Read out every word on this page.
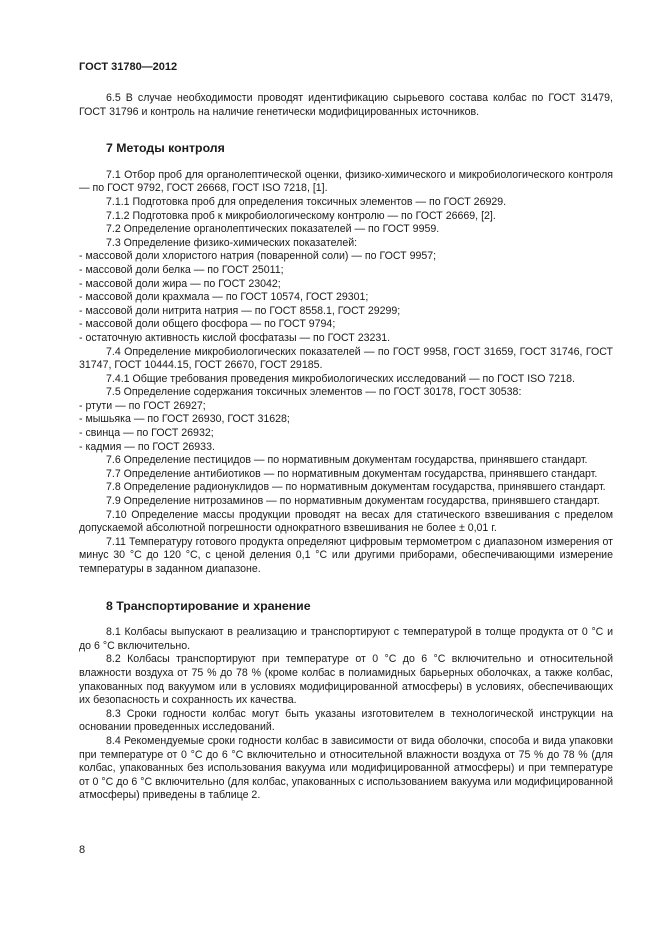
ГОСТ 31780—2012

6.5 В случае необходимости проводят идентификацию сырьевого состава колбас по ГОСТ 31479, ГОСТ 31796 и контроль на наличие генетически модифицированных источников.

7 Методы контроля

7.1 Отбор проб для органолептической оценки, физико-химического и микробиологического контроля — по ГОСТ 9792, ГОСТ 26668, ГОСТ ISO 7218, [1].

7.1.1 Подготовка проб для определения токсичных элементов — по ГОСТ 26929.

7.1.2 Подготовка проб к микробиологическому контролю — по ГОСТ 26669, [2].

7.2 Определение органолептических показателей — по ГОСТ 9959.

7.3 Определение физико-химических показателей:

- массовой доли хлористого натрия (поваренной соли) — по ГОСТ 9957;

- массовой доли белка — по ГОСТ 25011;

- массовой доли жира — по ГОСТ 23042;

- массовой доли крахмала — по ГОСТ 10574, ГОСТ 29301;

- массовой доли нитрита натрия — по ГОСТ 8558.1, ГОСТ 29299;

- массовой доли общего фосфора — по ГОСТ 9794;

- остаточную активность кислой фосфатазы — по ГОСТ 23231.

7.4 Определение микробиологических показателей — по ГОСТ 9958, ГОСТ 31659, ГОСТ 31746, ГОСТ 31747, ГОСТ 10444.15, ГОСТ 26670, ГОСТ 29185.

7.4.1 Общие требования проведения микробиологических исследований — по ГОСТ ISO 7218.

7.5 Определение содержания токсичных элементов — по ГОСТ 30178, ГОСТ 30538:

- ртути — по ГОСТ 26927;

- мышьяка — по ГОСТ 26930, ГОСТ 31628;

- свинца — по ГОСТ 26932;

- кадмия — по ГОСТ 26933.

7.6 Определение пестицидов — по нормативным документам государства, принявшего стандарт.

7.7 Определение антибиотиков — по нормативным документам государства, принявшего стандарт.

7.8 Определение радионуклидов — по нормативным документам государства, принявшего стандарт.

7.9 Определение нитрозаминов — по нормативным документам государства, принявшего стандарт.

7.10 Определение массы продукции проводят на весах для статического взвешивания с пределом допускаемой абсолютной погрешности однократного взвешивания не более ± 0,01 г.

7.11 Температуру готового продукта определяют цифровым термометром с диапазоном измерения от минус 30 °С до 120 °С, с ценой деления 0,1 °С или другими приборами, обеспечивающими измерение температуры в заданном диапазоне.

8 Транспортирование и хранение

8.1 Колбасы выпускают в реализацию и транспортируют с температурой в толще продукта от 0 °С и до 6 °С включительно.

8.2 Колбасы транспортируют при температуре от 0 °С до 6 °С включительно и относительной влажности воздуха от 75 % до 78 % (кроме колбас в полиамидных барьерных оболочках, а также колбас, упакованных под вакуумом или в условиях модифицированной атмосферы) в условиях, обеспечивающих их безопасность и сохранность их качества.

8.3 Сроки годности колбас могут быть указаны изготовителем в технологической инструкции на основании проведенных исследований.

8.4 Рекомендуемые сроки годности колбас в зависимости от вида оболочки, способа и вида упаковки при температуре от 0 °С до 6 °С включительно и относительной влажности воздуха от 75 % до 78 % (для колбас, упакованных без использования вакуума или модифицированной атмосферы) и при температуре от 0 °С до 6 °С включительно (для колбас, упакованных с использованием вакуума или модифицированной атмосферы) приведены в таблице 2.

8
